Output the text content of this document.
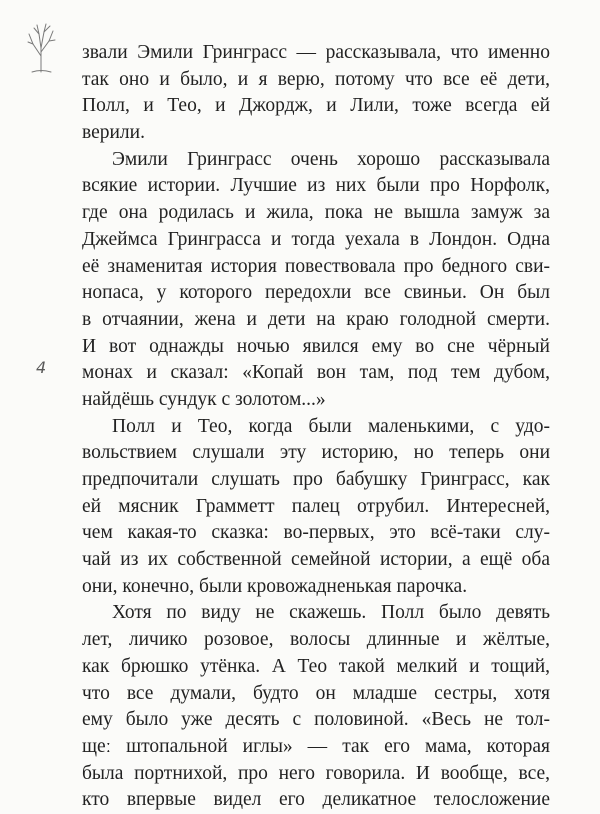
4
звали Эмили Гринграсс — рассказывала, что именно
так оно и было, и я верю, потому что все её дети,
Полл, и Тео, и Джордж, и Лили, тоже всегда ей
верили.
Эмили Гринграсс очень хорошо рассказывала
всякие истории. Лучшие из них были про Норфолк,
где она родилась и жила, пока не вышла замуж за
Джеймса Гринграсса и тогда уехала в Лондон. Одна
её знаменитая история повествовала про бедного сви-
нопаса, у которого передохли все свиньи. Он был
в отчаянии, жена и дети на краю голодной смерти.
И вот однажды ночью явился ему во сне чёрный
монах и сказал: «Копай вон там, под тем дубом,
найдёшь сундук с золотом...»
Полл и Тео, когда были маленькими, с удо-
вольствием слушали эту историю, но теперь они
предпочитали слушать про бабушку Гринграсс, как
ей мясник Грамметт палец отрубил. Интересней,
чем какая-то сказка: во-первых, это всё-таки слу-
чай из их собственной семейной истории, а ещё оба
они, конечно, были кровожадненькая парочка.
Хотя по виду не скажешь. Полл было девять
лет, личико розовое, волосы длинные и жёлтые,
как брюшко утёнка. А Тео такой мелкий и тощий,
что все думали, будто он младше сестры, хотя
ему было уже десять с половиной. «Весь не тол-
щеː штопальной иглы» — так его мама, которая
была портнихой, про него говорила. И вообще, все,
кто впервые видел его деликатное телосложение
